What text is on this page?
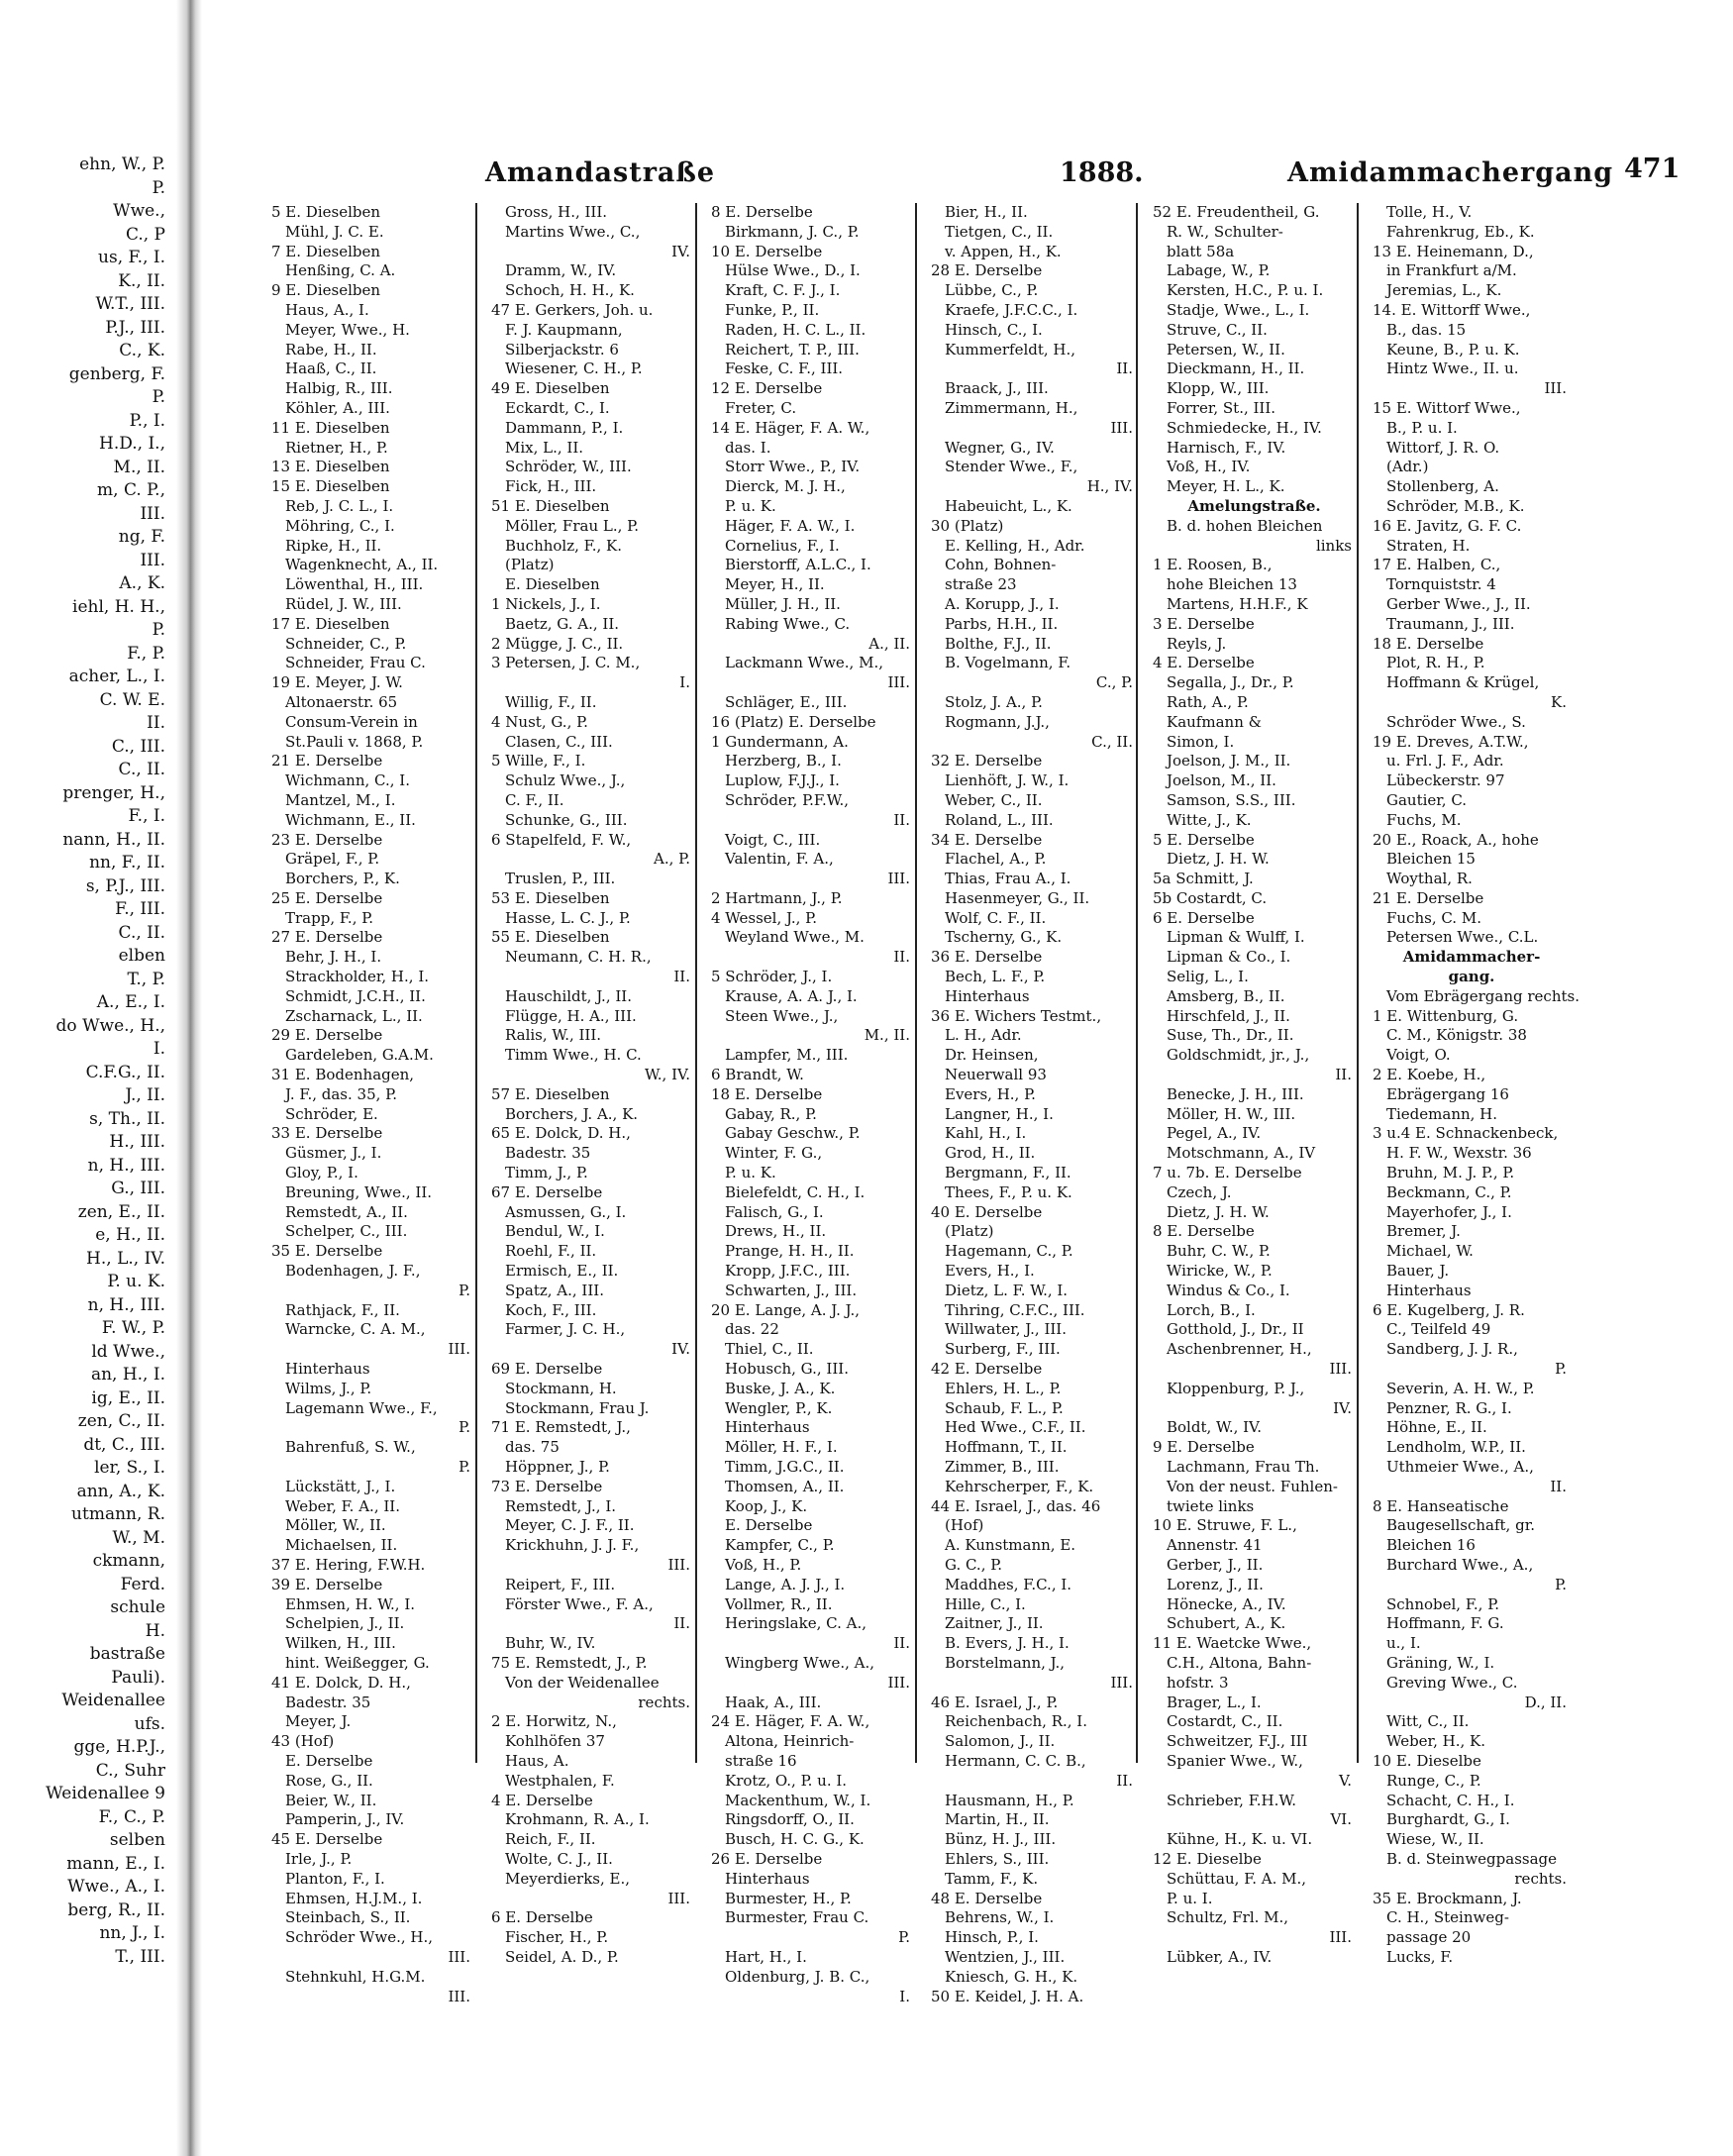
ehn, W., P.
P.
Wwe.,
C., P
us, F., I.
K., II.
W.T., III.
P.J., III.
C., K.
genberg, F.
P.
P., I.
H.D., I.,
M., II.
m, C. P.,
III.
ng, F.
III.
A., K.
iehl, H. H.,
P.
F., P.
acher, L., I.
C. W. E.
II.
C., III.
C., II.
prenger, H.,
F., I.
nann, H., II.
nn, F., II.
s, P.J., III.
F., III.
C., II.
elben
T., P.
A., E., I.
do Wwe., H.,
I.
C.F.G., II.
J., II.
s, Th., II.
H., III.
n, H., III.
G., III.
zen, E., II.
e, H., II.
H., L., IV.
P. u. K.
n, H., III.
F. W., P.
ld Wwe.,
an, H., I.
ig, E., II.
zen, C., II.
dt, C., III.
ler, S., I.
ann, A., K.
utmann, R.
W., M.
ckmann,
Ferd.
schule
H.
bastraße
Pauli).
Weidenallee
ufs.
gge, H.P.J.,
C., Suhr
Weidenallee 9
F., C., P.
selben
mann, E., I.
Wwe., A., I.
berg, R., II.
nn, J., I.
T., III.
Amandastraße	1888.	Amidammachergang 471
5 E. Dieselben
Mühl, J. C. E.
7 E. Dieselben
Henßing, C. A.
9 E. Dieselben
Haus, A., I.
Meyer, Wwe., H.
Rabe, H., II.
Haaß, C., II.
Halbig, R., III.
Köhler, A., III.
11 E. Dieselben
Rietner, H., P.
13 E. Dieselben
15 E. Dieselben
Reb, J. C. L., I.
Möhring, C., I.
Ripke, H., II.
Wagenknecht, A., II.
Löwenthal, H., III.
Rüdel, J. W., III.
17 E. Dieselben
Schneider, C., P.
Schneider, Frau C.
19 E. Meyer, J. W.
Altonaerstr. 65
Consum-Verein in
St.Pauli v. 1868, P.
21 E. Derselbe
Wichmann, C., I.
Mantzel, M., I.
Wichmann, E., II.
23 E. Derselbe
Gräpel, F., P.
Borchers, P., K.
25 E. Derselbe
Trapp, F., P.
27 E. Derselbe
Behr, J. H., I.
Strackholder, H., I.
Schmidt, J.C.H., II.
Zscharnack, L., II.
29 E. Derselbe
Gardeleben, G.A.M.
31 E. Bodenhagen,
J. F., das. 35, P.
Schröder, E.
33 E. Derselbe
Güsmer, J., I.
Gloy, P., I.
Breuning, Wwe., II.
Remstedt, A., II.
Schelper, C., III.
35 E. Derselbe
Bodenhagen, J. F.,
P.
Rathjack, F., II.
Warncke, C. A. M.,
III.
Hinterhaus
Wilms, J., P.
Lagemann Wwe., F.,
P.
Bahrenfuß, S. W.,
P.
Lückstätt, J., I.
Weber, F. A., II.
Möller, W., II.
Michaelsen, II.
37 E. Hering, F.W.H.
39 E. Derselbe
Ehmsen, H. W., I.
Schelpien, J., II.
Wilken, H., III.
hint. Weißegger, G.
41 E. Dolck, D. H.,
Badestr. 35
Meyer, J.
43 (Hof)
E. Derselbe
Rose, G., II.
Beier, W., II.
Pamperin, J., IV.
45 E. Derselbe
Irle, J., P.
Planton, F., I.
Ehmsen, H.J.M., I.
Steinbach, S., II.
Schröder Wwe., H.,
III.
Stehnkuhl, H.G.M.
III.
Gross, H., III.
Martins Wwe., C.,
IV.
Dramm, W., IV.
Schoch, H. H., K.
47 E. Gerkers, Joh. u.
F. J. Kaupmann,
Silberjackstr. 6
Wiesener, C. H., P.
49 E. Dieselben
Eckardt, C., I.
Dammann, P., I.
Mix, L., II.
Schröder, W., III.
Fick, H., III.
51 E. Dieselben
Möller, Frau L., P.
Buchholz, F., K.
(Platz)
E. Dieselben
1 Nickels, J., I.
Baetz, G. A., II.
2 Mügge, J. C., II.
3 Petersen, J. C. M.,
I.
Willig, F., II.
4 Nust, G., P.
Clasen, C., III.
5 Wille, F., I.
Schulz Wwe., J.,
C. F., II.
Schunke, G., III.
6 Stapelfeld, F. W.,
A., P.
Truslen, P., III.
53 E. Dieselben
Hasse, L. C. J., P.
55 E. Dieselben
Neumann, C. H. R.,
II.
Hauschildt, J., II.
Flügge, H. A., III.
Ralis, W., III.
Timm Wwe., H. C.
W., IV.
57 E. Dieselben
Borchers, J. A., K.
65 E. Dolck, D. H.,
Badestr. 35
Timm, J., P.
67 E. Derselbe
Asmussen, G., I.
Bendul, W., I.
Roehl, F., II.
Ermisch, E., II.
Spatz, A., III.
Koch, F., III.
Farmer, J. C. H.,
IV.
69 E. Derselbe
Stockmann, H.
Stockmann, Frau J.
71 E. Remstedt, J.,
das. 75
Höppner, J., P.
73 E. Derselbe
Remstedt, J., I.
Meyer, C. J. F., II.
Krickhuhn, J. J. F.,
III.
Reipert, F., III.
Förster Wwe., F. A.,
II.
Buhr, W., IV.
75 E. Remstedt, J., P.
Von der Weidenallee
rechts.
2 E. Horwitz, N.,
Kohlhöfen 37
Haus, A.
Westphalen, F.
4 E. Derselbe
Krohmann, R. A., I.
Reich, F., II.
Wolte, C. J., II.
Meyerdierks, E.,
III.
6 E. Derselbe
Fischer, H., P.
Seidel, A. D., P.
8 E. Derselbe
Birkmann, J. C., P.
10 E. Derselbe
Hülse Wwe., D., I.
Kraft, C. F. J., I.
Funke, P., II.
Raden, H. C. L., II.
Reichert, T. P., III.
Feske, C. F., III.
12 E. Derselbe
Freter, C.
14 E. Häger, F. A. W.,
das. I.
Storr Wwe., P., IV.
Dierck, M. J. H.,
P. u. K.
Häger, F. A. W., I.
Cornelius, F., I.
Bierstorff, A.L.C., I.
Meyer, H., II.
Müller, J. H., II.
Rabing Wwe., C.
A., II.
Lackmann Wwe., M.,
III.
Schläger, E., III.
16 (Platz) E. Derselbe
1 Gundermann, A.
Herzberg, B., I.
Luplow, F.J.J., I.
Schröder, P.F.W.,
II.
Voigt, C., III.
Valentin, F. A.,
III.
2 Hartmann, J., P.
4 Wessel, J., P.
Weyland Wwe., M.
II.
5 Schröder, J., I.
Krause, A. A. J., I.
Steen Wwe., J.,
M., II.
Lampfer, M., III.
6 Brandt, W.
18 E. Derselbe
Gabay, R., P.
Gabay Geschw., P.
Winter, F. G.,
P. u. K.
Bielefeldt, C. H., I.
Falisch, G., I.
Drews, H., II.
Prange, H. H., II.
Kropp, J.F.C., III.
Schwarten, J., III.
20 E. Lange, A. J. J.,
das. 22
Thiel, C., II.
Hobusch, G., III.
Buske, J. A., K.
Wengler, P., K.
Hinterhaus
Möller, H. F., I.
Timm, J.G.C., II.
Thomsen, A., II.
Koop, J., K.
E. Derselbe
Kampfer, C., P.
Voß, H., P.
Lange, A. J. J., I.
Vollmer, R., II.
Heringslake, C. A.,
II.
Wingberg Wwe., A.,
III.
Haak, A., III.
24 E. Häger, F. A. W.,
Altona, Heinrich-
straße 16
Krotz, O., P. u. I.
Mackenthum, W., I.
Ringsdorff, O., II.
Busch, H. C. G., K.
26 E. Derselbe
Hinterhaus
Burmester, H., P.
Burmester, Frau C.
P.
Hart, H., I.
Oldenburg, J. B. C.,
I.
Bier, H., II.
Tietgen, C., II.
v. Appen, H., K.
28 E. Derselbe
Lübbe, C., P.
Kraefe, J.F.C.C., I.
Hinsch, C., I.
Kummerfeldt, H.,
II.
Braack, J., III.
Zimmermann, H.,
III.
Wegner, G., IV.
Stender Wwe., F.,
H., IV.
Habeuicht, L., K.
30 (Platz)
E. Kelling, H., Adr.
Cohn, Bohnen-
straße 23
A. Korupp, J., I.
Parbs, H.H., II.
Bolthe, F.J., II.
B. Vogelmann, F.
C., P.
Stolz, J. A., P.
Rogmann, J.J.,
C., II.
32 E. Derselbe
Lienhöft, J. W., I.
Weber, C., II.
Roland, L., III.
34 E. Derselbe
Flachel, A., P.
Thias, Frau A., I.
Hasenmeyer, G., II.
Wolf, C. F., II.
Tscherny, G., K.
36 E. Derselbe
Bech, L. F., P.
Hinterhaus
36 E. Wichers Testmt.,
L. H., Adr.
Dr. Heinsen,
Neuerwall 93
Evers, H., P.
Langner, H., I.
Kahl, H., I.
Grod, H., II.
Bergmann, F., II.
Thees, F., P. u. K.
40 E. Derselbe
(Platz)
Hagemann, C., P.
Evers, H., I.
Dietz, L. F. W., I.
Tihring, C.F.C., III.
Willwater, J., III.
Surberg, F., III.
42 E. Derselbe
Ehlers, H. L., P.
Schaub, F. L., P.
Hed Wwe., C.F., II.
Hoffmann, T., II.
Zimmer, B., III.
Kehrscherper, F., K.
44 E. Israel, J., das. 46
(Hof)
A. Kunstmann, E.
G. C., P.
Maddhes, F.C., I.
Hille, C., I.
Zaitner, J., II.
B. Evers, J. H., I.
Borstelmann, J.,
III.
46 E. Israel, J., P.
Reichenbach, R., I.
Salomon, J., II.
Hermann, C. C. B.,
II.
Hausmann, H., P.
Martin, H., II.
Bünz, H. J., III.
Ehlers, S., III.
Tamm, F., K.
48 E. Derselbe
Behrens, W., I.
Hinsch, P., I.
Wentzien, J., III.
Kniesch, G. H., K.
50 E. Keidel, J. H. A.
52 E. Freudentheil, G.
R. W., Schulter-
blatt 58a
Labage, W., P.
Kersten, H.C., P. u. I.
Stadje, Wwe., L., I.
Struve, C., II.
Petersen, W., II.
Dieckmann, H., II.
Klopp, W., III.
Forrer, St., III.
Schmiedecke, H., IV.
Harnisch, F., IV.
Voß, H., IV.
Meyer, H. L., K.
Amelungstraße.
B. d. hohen Bleichen
links
1 E. Roosen, B.,
hohe Bleichen 13
Martens, H.H.F., K
3 E. Derselbe
Reyls, J.
4 E. Derselbe
Segalla, J., Dr., P.
Rath, A., P.
Kaufmann &
Simon, I.
Joelson, J. M., II.
Joelson, M., II.
Samson, S.S., III.
Witte, J., K.
5 E. Derselbe
Dietz, J. H. W.
5a Schmitt, J.
5b Costardt, C.
6 E. Derselbe
Lipman & Wulff, I.
Lipman & Co., I.
Selig, L., I.
Amsberg, B., II.
Hirschfeld, J., II.
Suse, Th., Dr., II.
Goldschmidt, jr., J.,
II.
Benecke, J. H., III.
Möller, H. W., III.
Pegel, A., IV.
Motschmann, A., IV
7 u. 7b. E. Derselbe
Czech, J.
Dietz, J. H. W.
8 E. Derselbe
Buhr, C. W., P.
Wiricke, W., P.
Windus & Co., I.
Lorch, B., I.
Gotthold, J., Dr., II
Aschenbrenner, H.,
III.
Kloppenburg, P. J.,
IV.
Boldt, W., IV.
9 E. Derselbe
Lachmann, Frau Th.
Von der neust. Fuhlen-
twiete links
10 E. Struwe, F. L.,
Annenstr. 41
Gerber, J., II.
Lorenz, J., II.
Hönecke, A., IV.
Schubert, A., K.
11 E. Waetcke Wwe.,
C.H., Altona, Bahn-
hofstr. 3
Brager, L., I.
Costardt, C., II.
Schweitzer, F.J., III
Spanier Wwe., W.,
V.
Schrieber, F.H.W.
VI.
Kühne, H., K. u. VI.
12 E. Dieselbe
Schüttau, F. A. M.,
P. u. I.
Schultz, Frl. M.,
III.
Lübker, A., IV.
Tolle, H., V.
Fahrenkrug, Eb., K.
13 E. Heinemann, D.,
in Frankfurt a/M.
Jeremias, L., K.
14. E. Wittorff Wwe.,
B., das. 15
Keune, B., P. u. K.
Hintz Wwe., II. u.
III.
15 E. Wittorf Wwe.,
B., P. u. I.
Wittorf, J. R. O.
(Adr.)
Stollenberg, A.
Schröder, M.B., K.
16 E. Javitz, G. F. C.
Straten, H.
17 E. Halben, C.,
Tornquiststr. 4
Gerber Wwe., J., II.
Traumann, J., III.
18 E. Derselbe
Plot, R. H., P.
Hoffmann & Krügel,
K.
Schröder Wwe., S.
19 E. Dreves, A.T.W.,
u. Frl. J. F., Adr.
Lübeckerstr. 97
Gautier, C.
Fuchs, M.
20 E., Roack, A., hohe
Bleichen 15
Woythal, R.
21 E. Derselbe
Fuchs, C. M.
Petersen Wwe., C.L.
Amidammacher-
gang.
Vom Ebrägergang rechts.
1 E. Wittenburg, G.
C. M., Königstr. 38
Voigt, O.
2 E. Koebe, H.,
Ebrägergang 16
Tiedemann, H.
3 u.4 E. Schnackenbeck,
H. F. W., Wexstr. 36
Bruhn, M. J. P., P.
Beckmann, C., P.
Mayerhofer, J., I.
Bremer, J.
Michael, W.
Bauer, J.
Hinterhaus
6 E. Kugelberg, J. R.
C., Teilfeld 49
Sandberg, J. J. R.,
P.
Severin, A. H. W., P.
Penzner, R. G., I.
Höhne, E., II.
Lendholm, W.P., II.
Uthmeier Wwe., A.,
II.
8 E. Hanseatische
Baugesellschaft, gr.
Bleichen 16
Burchard Wwe., A.,
P.
Schnobel, F., P.
Hoffmann, F. G.
u., I.
Gräning, W., I.
Greving Wwe., C.
D., II.
Witt, C., II.
Weber, H., K.
10 E. Dieselbe
Runge, C., P.
Schacht, C. H., I.
Burghardt, G., I.
Wiese, W., II.
B. d. Steinwegpassage
rechts.
35 E. Brockmann, J.
C. H., Steinweg-
passage 20
Lucks, F.
